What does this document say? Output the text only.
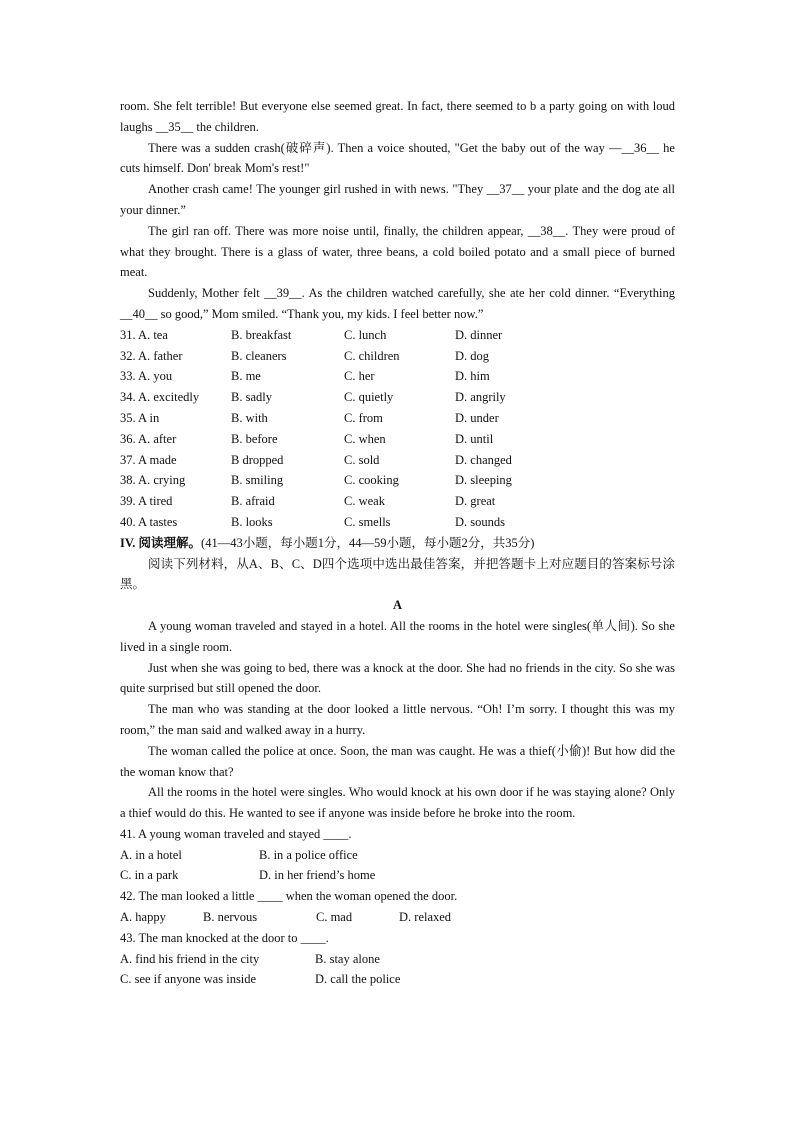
room. She felt terrible! But everyone else seemed great. In fact, there seemed to b a party going on with loud laughs __35__ the children.

There was a sudden crash(破碎声). Then a voice shouted, "Get the baby out of the way —__36__ he cuts himself. Don' break Mom's rest!"

Another crash came! The younger girl rushed in with news. "They __37__ your plate and the dog ate all your dinner.”

The girl ran off. There was more noise until, finally, the children appear, __38__. They were proud of what they brought. There is a glass of water, three beans, a cold boiled potato and a small piece of burned meat.

Suddenly, Mother felt __39__. As the children watched carefully, she ate her cold dinner. “Everything __40__ so good,” Mom smiled. “Thank you, my kids. I feel better now.”

31. A. tea	B. breakfast	C. lunch	D. dinner
32. A. father	B. cleaners	C. children	D. dog
33. A. you	B. me	C. her	D. him
34. A. excitedly	B. sadly	C. quietly	D. angrily
35. A in	B. with	C. from	D. under
36. A. after	B. before	C. when	D. until
37. A made	B dropped	C. sold	D. changed
38. A. crying	B. smiling	C. cooking	D. sleeping
39. A tired	B. afraid	C. weak	D. great
40. A tastes	B. looks	C. smells	D. sounds

IV. 阅读理解。(41—43小题，每小题1分，44—59小题，每小题2分，共35分)

阅读下列材料，从A、B、C、D四个选项中选出最佳答案，并把答题卡上对应题目的答案标号涂黑。

A

A young woman traveled and stayed in a hotel. All the rooms in the hotel were singles(单人间). So she lived in a single room.

Just when she was going to bed, there was a knock at the door. She had no friends in the city. So she was quite surprised but still opened the door.

The man who was standing at the door looked a little nervous. “Oh! I’m sorry. I thought this was my room,” the man said and walked away in a hurry.

The woman called the police at once. Soon, the man was caught. He was a thief(小偷)! But how did the the woman know that?

All the rooms in the hotel were singles. Who would knock at his own door if he was staying alone? Only a thief would do this. He wanted to see if anyone was inside before he broke into the room.

41. A young woman traveled and stayed ____.
A. in a hotel	B. in a police office
C. in a park	D. in her friend’s home
42. The man looked a little ____ when the woman opened the door.
A. happy	B. nervous	C. mad	D. relaxed
43. The man knocked at the door to ____.
A. find his friend in the city	B. stay alone
C. see if anyone was inside	D. call the police
